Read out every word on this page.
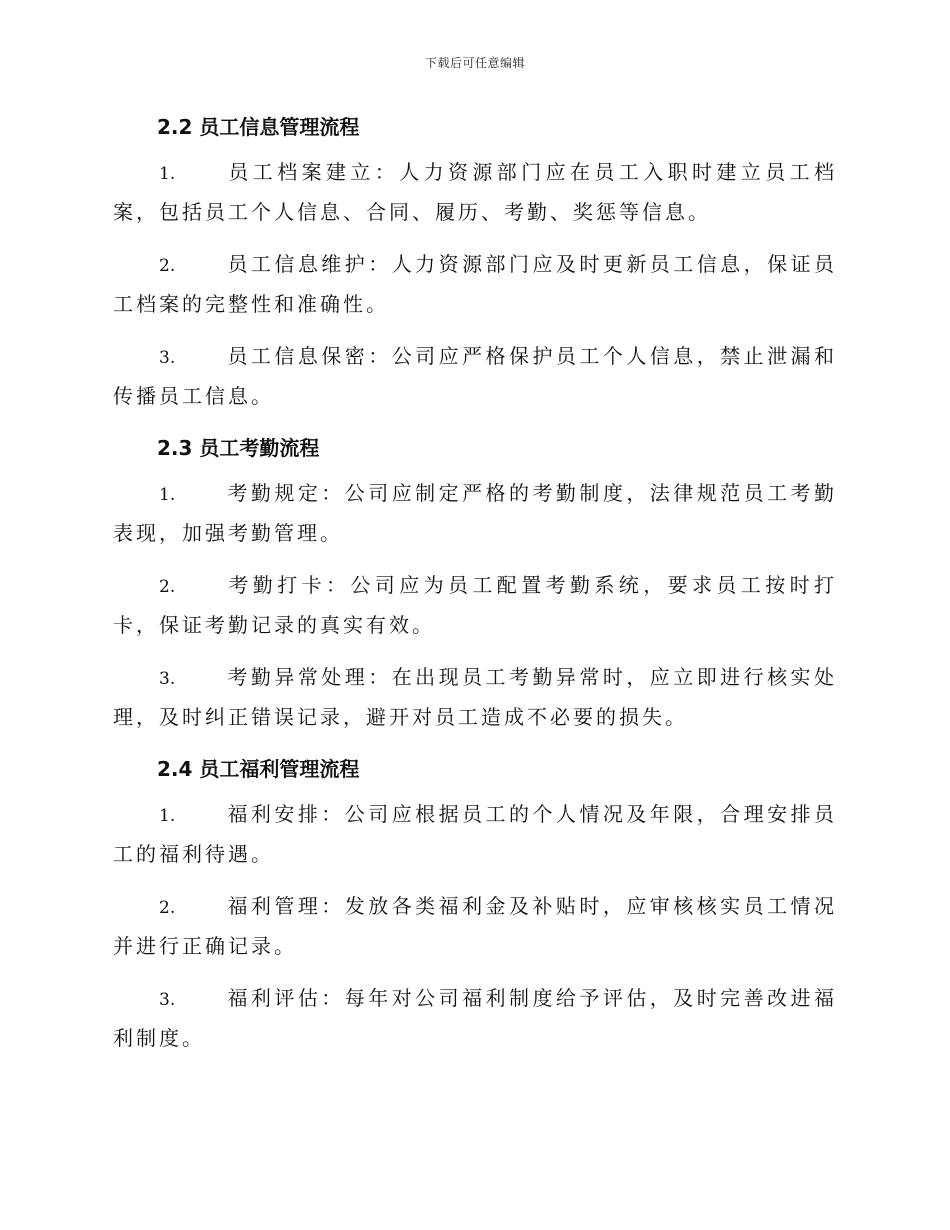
下载后可任意编辑
2.2 员工信息管理流程

1.	员工档案建立：人力资源部门应在员工入职时建立员工档案，包括员工个人信息、合同、履历、考勤、奖惩等信息。

2.	员工信息维护：人力资源部门应及时更新员工信息，保证员工档案的完整性和准确性。

3.	员工信息保密：公司应严格保护员工个人信息，禁止泄漏和传播员工信息。

2.3 员工考勤流程

1.	考勤规定：公司应制定严格的考勤制度，法律规范员工考勤表现，加强考勤管理。

2.	考勤打卡：公司应为员工配置考勤系统，要求员工按时打卡，保证考勤记录的真实有效。

3.	考勤异常处理：在出现员工考勤异常时，应立即进行核实处理，及时纠正错误记录，避开对员工造成不必要的损失。

2.4 员工福利管理流程

1.	福利安排：公司应根据员工的个人情况及年限，合理安排员工的福利待遇。

2.	福利管理：发放各类福利金及补贴时，应审核核实员工情况并进行正确记录。

3.	福利评估：每年对公司福利制度给予评估，及时完善改进福利制度。
